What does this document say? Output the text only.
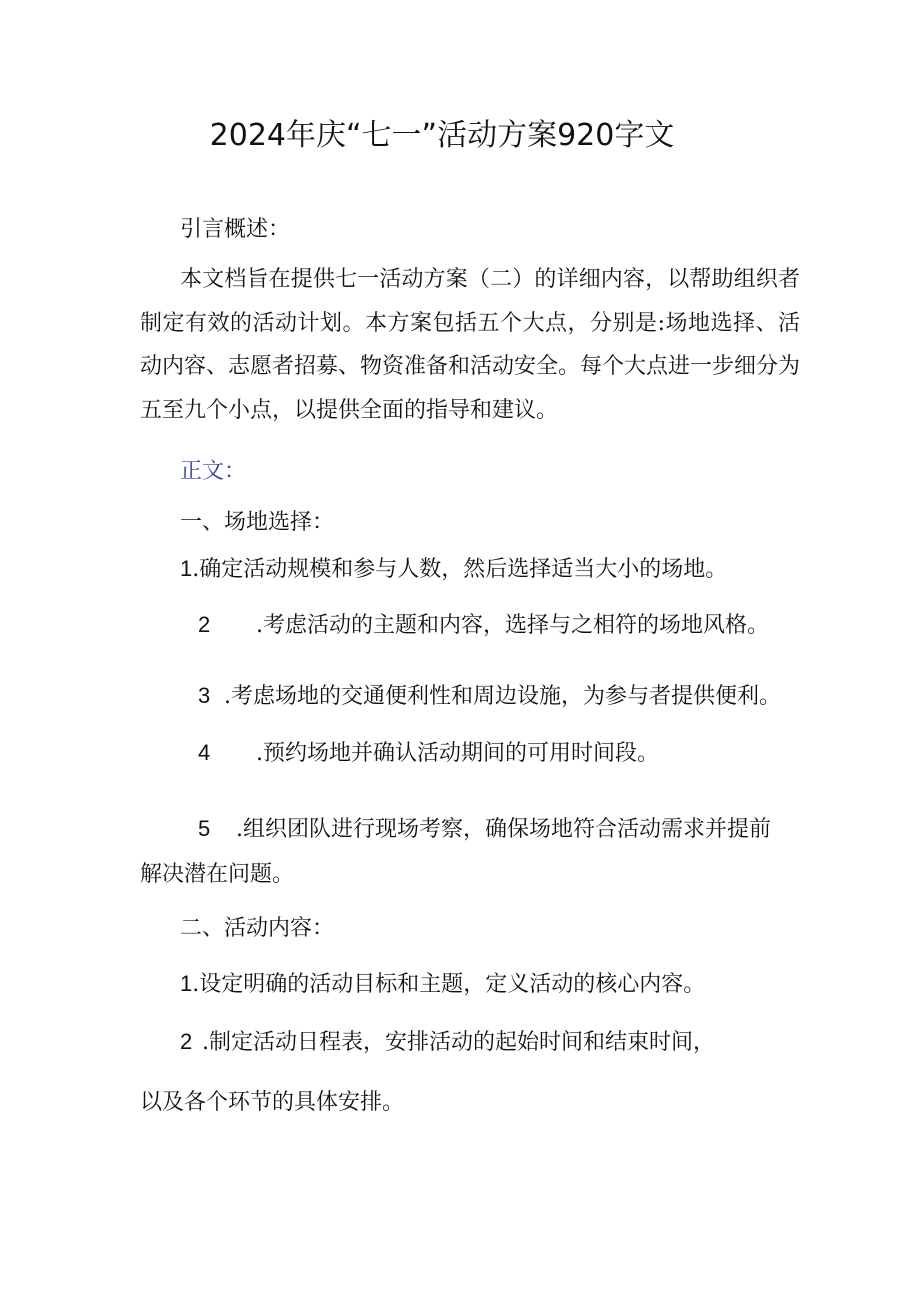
2024年庆“七一”活动方案920字文
引言概述：

本文档旨在提供七一活动方案（二）的详细内容，以帮助组织者制定有效的活动计划。本方案包括五个大点，分别是:场地选择、活动内容、志愿者招募、物资准备和活动安全。每个大点进一步细分为五至九个小点，以提供全面的指导和建议。

正文：
一、场地选择：
1.确定活动规模和参与人数，然后选择适当大小的场地。
2 .考虑活动的主题和内容，选择与之相符的场地风格。
3 .考虑场地的交通便利性和周边设施，为参与者提供便利。
4 .预约场地并确认活动期间的可用时间段。
5 .组织团队进行现场考察，确保场地符合活动需求并提前
解决潜在问题。
二、活动内容：
1.设定明确的活动目标和主题，定义活动的核心内容。
2 .制定活动日程表，安排活动的起始时间和结束时间，
以及各个环节的具体安排。
